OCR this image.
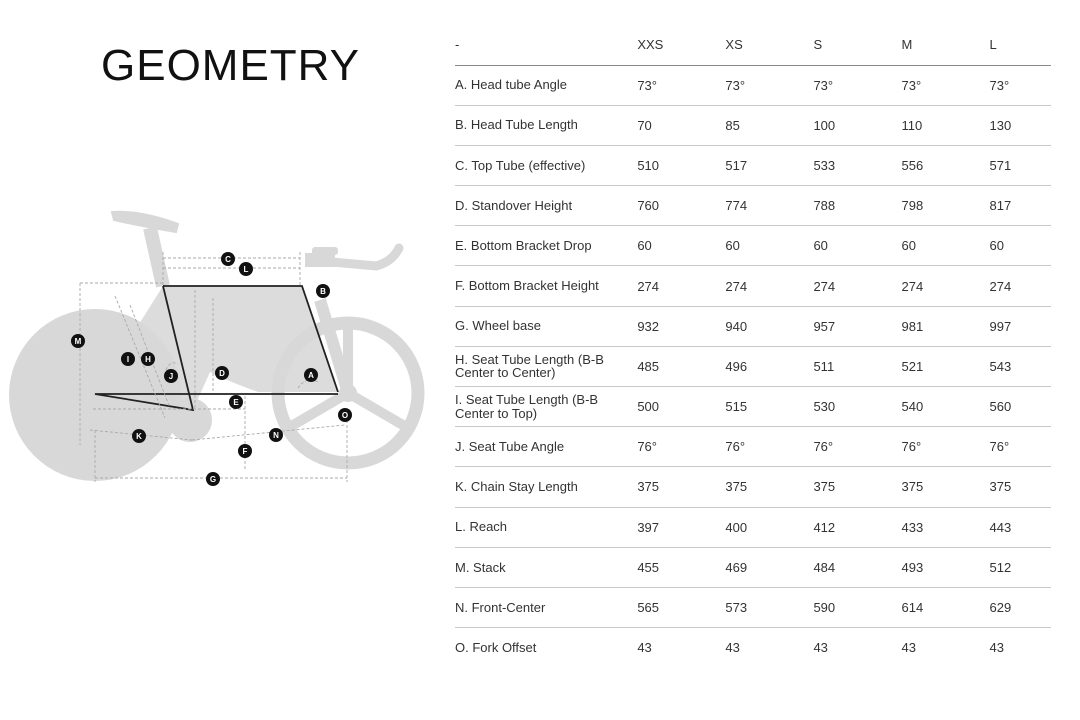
GEOMETRY
A
B
C
D
E
F
G
H
I
J
K
L
M
N
O
-	XXS	XS	S	M	L
A. Head tube Angle	73°	73°	73°	73°	73°
B. Head Tube Length	70	85	100	110	130
C. Top Tube (effective)	510	517	533	556	571
D. Standover Height	760	774	788	798	817
E. Bottom Bracket Drop	60	60	60	60	60
F. Bottom Bracket Height	274	274	274	274	274
G. Wheel base	932	940	957	981	997
H. Seat Tube Length (B-B Center to Center)	485	496	511	521	543
I. Seat Tube Length (B-B Center to Top)	500	515	530	540	560
J. Seat Tube Angle	76°	76°	76°	76°	76°
K. Chain Stay Length	375	375	375	375	375
L. Reach	397	400	412	433	443
M. Stack	455	469	484	493	512
N. Front-Center	565	573	590	614	629
O. Fork Offset	43	43	43	43	43
